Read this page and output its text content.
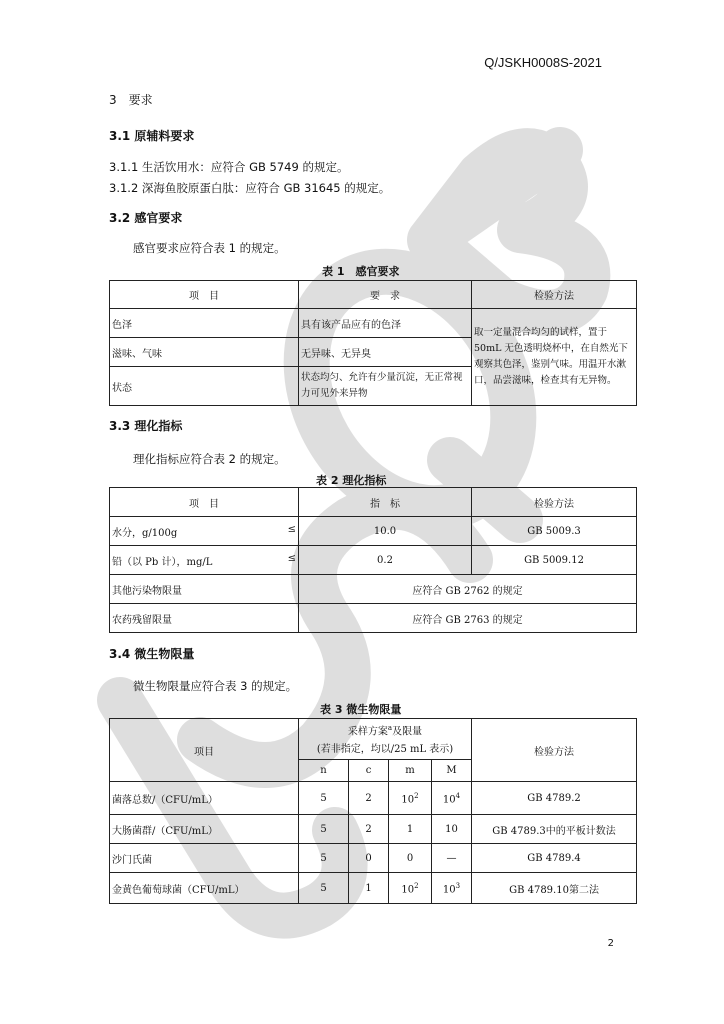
Q/JSKH0008S-2021
3　要求
3.1 原辅料要求
3.1.1 生活饮用水：应符合 GB 5749 的规定。
3.1.2 深海鱼胶原蛋白肽：应符合 GB 31645 的规定。
3.2 感官要求
感官要求应符合表 1 的规定。
表 1　感官要求
项　目	要　求	检验方法
色泽	具有该产品应有的色泽	取一定量混合均匀的试样，置于 50mL 无色透明烧杯中，在自然光下观察其色泽，鉴别气味。用温开水漱口，品尝滋味，检查其有无异物。
滋味、气味	无异味、无异臭	
状态	状态均匀、允许有少量沉淀，无正常视力可见外来异物	
3.3 理化指标
理化指标应符合表 2 的规定。
表 2 理化指标
项　目	指　标	检验方法
水分，g/100g ≤	10.0	GB 5009.3
铅（以 Pb 计），mg/L ≤	0.2	GB 5009.12
其他污染物限量	应符合 GB 2762 的规定	
农药残留限量	应符合 GB 2763 的规定	
3.4 微生物限量
微生物限量应符合表 3 的规定。
表 3 微生物限量
项目	采样方案$^a$及限量
(若非指定，均以/25 mL 表示)				检验方法
	n	c	m	M	
菌落总数/（CFU/mL）	5	2	$10^2$	$10^4$	GB 4789.2
大肠菌群/（CFU/mL）	5	2	1	10	GB 4789.3中的平板计数法
沙门氏菌	5	0	0	—	GB 4789.4
金黄色葡萄球菌（CFU/mL）	5	1	$10^2$	$10^3$	GB 4789.10第二法
2
